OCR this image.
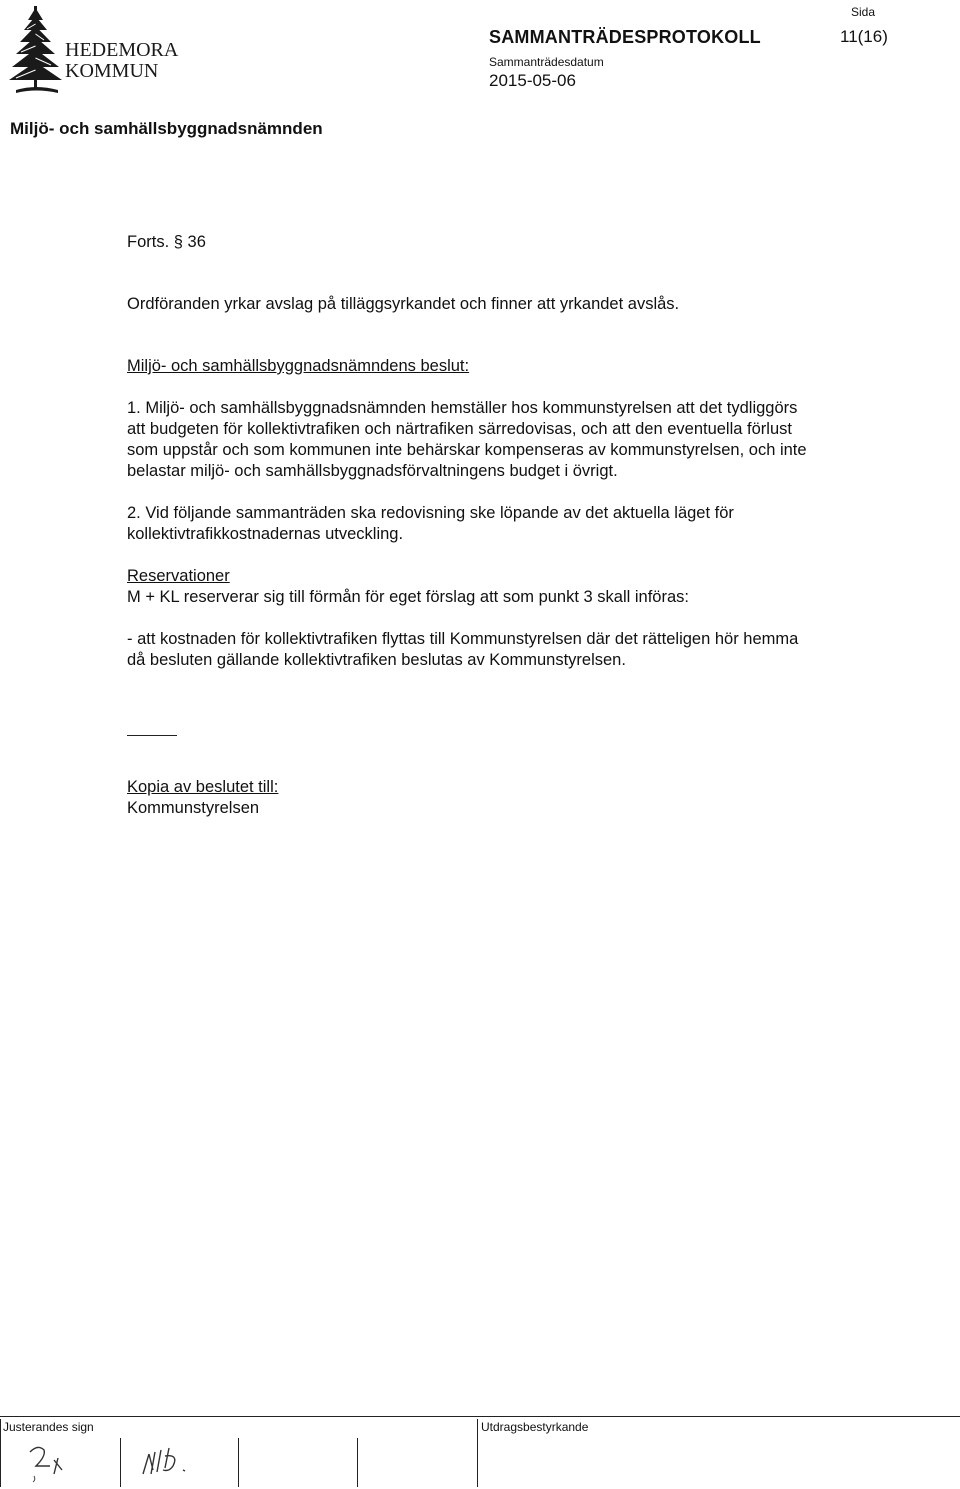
HEDEMORA
KOMMUN
SAMMANTRÄDESPROTOKOLL
Sammanträdesdatum
2015-05-06
Sida
11(16)
Miljö- och samhällsbyggnadsnämnden

Forts. § 36

Ordföranden yrkar avslag på tilläggsyrkandet och finner att yrkandet avslås.

Miljö- och samhällsbyggnadsnämndens beslut:

1. Miljö- och samhällsbyggnadsnämnden hemställer hos kommunstyrelsen att det tydliggörs att budgeten för kollektivtrafiken och närtrafiken särredovisas, och att den eventuella förlust som uppstår och som kommunen inte behärskar kompenseras av kommunstyrelsen, och inte belastar miljö- och samhällsbyggnadsförvaltningens budget i övrigt.

2. Vid följande sammanträden ska redovisning ske löpande av det aktuella läget för kollektivtrafikkostnadernas utveckling.

Reservationer

M + KL reserverar sig till förmån för eget förslag att som punkt 3 skall införas:

- att kostnaden för kollektivtrafiken flyttas till Kommunstyrelsen där det rätteligen hör hemma då besluten gällande kollektivtrafiken beslutas av Kommunstyrelsen.

Kopia av beslutet till:

Kommunstyrelsen

Justerandes sign	Utdragsbestyrkande
